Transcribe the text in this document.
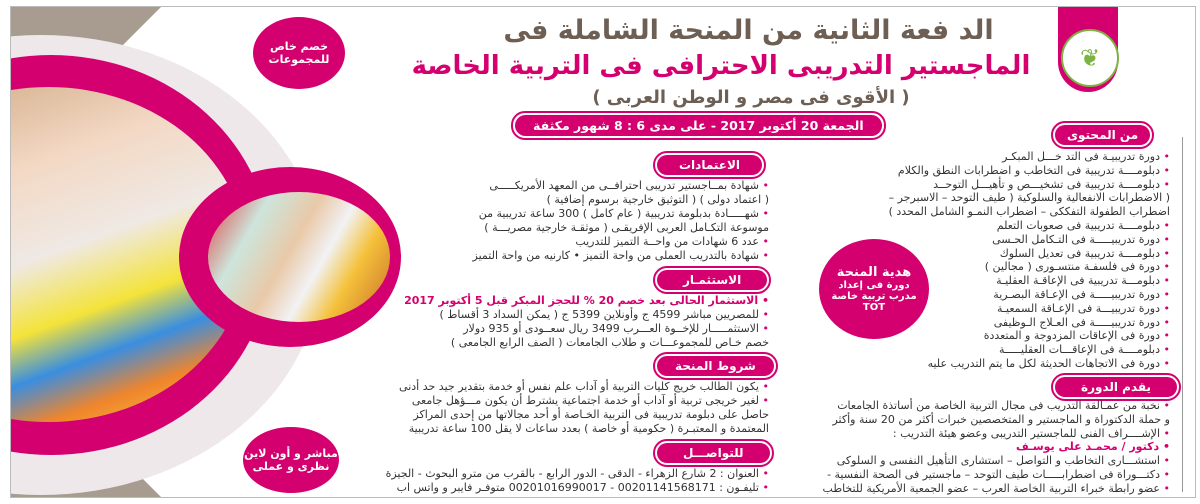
خصم خاص
للمجموعات
مباشر و أون لاين
نظرى و عملى
❦
الد فعة الثانية من المنحة الشاملة فى
الماجستير التدريبى الاحترافى فى التربية الخاصة
( الأقوى فى مصر و الوطن العربى )
الجمعة 20 أكتوبر 2017 - على مدى 6 : 8 شهور مكثفة
من المحتوى
• دورة تدريبيـة فى التد خـــل المبكـر
• دبلومــــة تدريبية فى التخاطب و اضطرابات النطق والكلام
• دبلومــــة تدريبية فى تشخيـــص و تأهيـــل التوحــد
( الاضطرابات الانفعالية والسلوكية ( طيف التوحد – الاسبرجر –
اضطراب الطفولة التفككى – اضطراب النمـو الشامل المحدد )
• دبلومــــة تدريبية فى صعوبات التعلم
• دورة تدريبيـــــة فى التـكامل الحـسى
• دبلومــــة تدريبية فى تعديل السلوك
• دورة فى فلسفـة منتسـورى ( مجالين )
• دبلومـــة تدريبية فى الإعاقـة العقليـة
• دورة تدريبيـــــة فى الإعـاقة البصـرية
• دورة تدريبيـــة فى الإعـاقة السمعيـة
• دورة تدريبيـــــة فى العـلاج الـوظيفى
• دورة فى الإعاقات المزدوجة و المتعددة
• دبلومــــة فى الإعاقـــات العقليـــــة
• دورة فى الاتجاهات الحديثة لكل ما يتم التدريب عليه
يقدم الدورة
• نخبة من عمـالقة التدريب فى مجال التربية الخاصة من أساتذة الجامعات
و حملة الدكتوراة و الماجستير و المتخصصين خبرات أكثر من 20 سنة وأكثر
• الإشــــراف الفنى للماجستير التدريبى وعضو هيئة التدريب :
• دكتور / محمـد على يوسـف
• استشـــارى التخاطب و التواصل – استشارى التأهيل النفسى و السلوكى
• دكتـــوراة فى اضطرابـــــات طيف التوحد – ماجستير فى الصحة النفسية -
• عضو رابطة خبراء التربية الخاصة العرب – عضو الجمعية الأمريكية للتخاطب
هدية المنحة
دورة فى إعداد
مدرب تربية خاصة
TOT
الاعتمادات
• شهادة بمــاجستير تدريبى احترافــى من المعهد الأمريكـــــى
( اعتماد دولى ) ( التوثيق خارجية برسوم إضافية )
• شهـــــادة بدبلومة تدريبية ( عام كامل ) 300 ساعة تدريبية من
موسوعة التكـامل العربى الإفريقـى ( موثقـة خارجية مصريـــة )
• عدد 6 شهادات من واحــة التميز للتدريب
• شهادة بالتدريب العملى من واحة التميز • كارنيه من واحة التميز
الاستثمـار
• الاستثمار الحالى بعد خصم 20 % للحجز المبكر قبل 5 أكتوبر 2017
• للمصريين مباشر 4599 ج وأونلاين 5399 ج ( يمكن السداد 3 أقساط )
• الاستثمـــــار للإخــوة العـــرب 3499 ريال سعــودى أو 935 دولار
خصم خـاص للمجموعـــات و طلاب الجامعات ( الصف الرابع الجامعى )
شروط المنحة
• يكون الطالب خريج كليات التربية أو آداب علم نفس أو خدمة بتقدير جيد حد أدنى
• لغير خريجى تربية أو آداب أو خدمة اجتماعية يشترط أن يكون مـــؤهل جامعى
حاصل على دبلومة تدريبية فى التربية الخـاصة أو أحد مجالاتها من إحدى المراكز
المعتمدة و المعتبـرة ( حكومية أو خاصة ) بعدد ساعات لا يقل 100 ساعة تدريبية
للتواصـــل
• العنوان : 2 شارع الزهراء - الدقى - الدور الرابع - بالقرب من مترو البحوث - الجيزة
• تليفـون : 00201141568171 - 00201016990017 متوفـر فايبر و واتس اب
